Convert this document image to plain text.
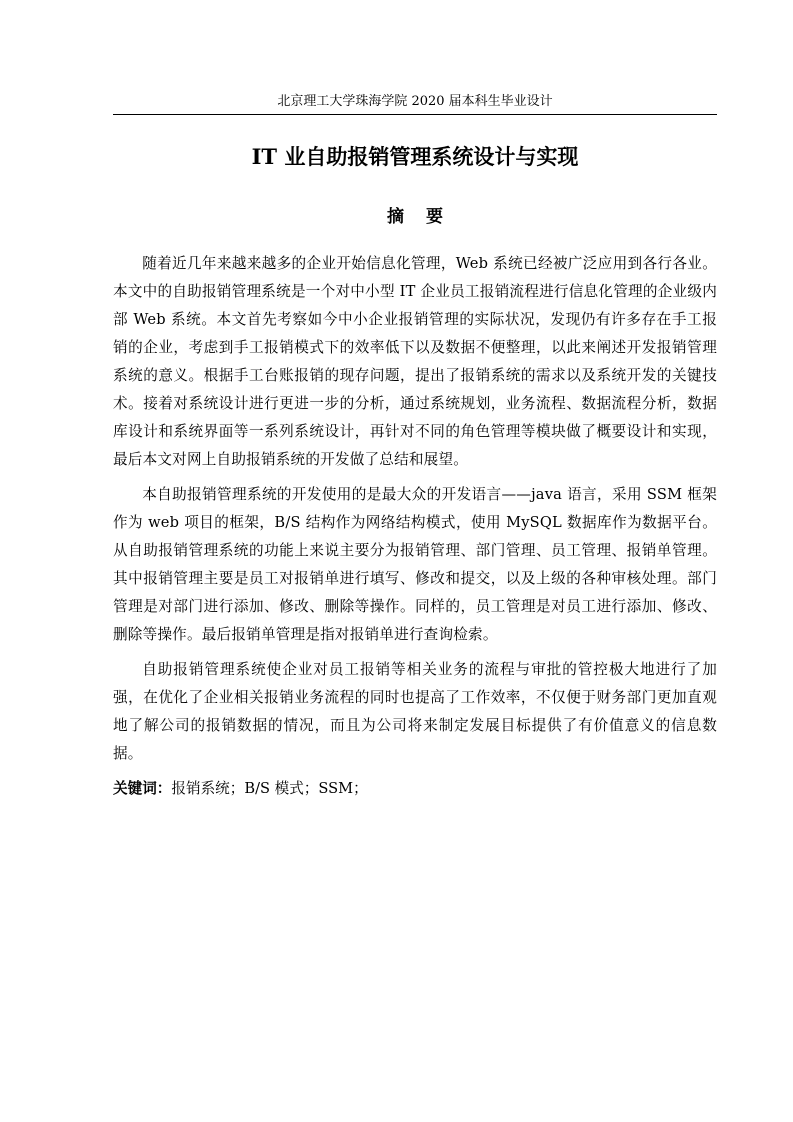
北京理工大学珠海学院 2020 届本科生毕业设计
IT 业自助报销管理系统设计与实现
摘要

随着近几年来越来越多的企业开始信息化管理，Web 系统已经被广泛应用到各行各业。本文中的自助报销管理系统是一个对中小型 IT 企业员工报销流程进行信息化管理的企业级内部 Web 系统。本文首先考察如今中小企业报销管理的实际状况，发现仍有许多存在手工报销的企业，考虑到手工报销模式下的效率低下以及数据不便整理，以此来阐述开发报销管理系统的意义。根据手工台账报销的现存问题，提出了报销系统的需求以及系统开发的关键技术。接着对系统设计进行更进一步的分析，通过系统规划，业务流程、数据流程分析，数据库设计和系统界面等一系列系统设计，再针对不同的角色管理等模块做了概要设计和实现，最后本文对网上自助报销系统的开发做了总结和展望。

本自助报销管理系统的开发使用的是最大众的开发语言——java 语言，采用 SSM 框架作为 web 项目的框架，B/S 结构作为网络结构模式，使用 MySQL 数据库作为数据平台。从自助报销管理系统的功能上来说主要分为报销管理、部门管理、员工管理、报销单管理。其中报销管理主要是员工对报销单进行填写、修改和提交，以及上级的各种审核处理。部门管理是对部门进行添加、修改、删除等操作。同样的，员工管理是对员工进行添加、修改、删除等操作。最后报销单管理是指对报销单进行查询检索。

自助报销管理系统使企业对员工报销等相关业务的流程与审批的管控极大地进行了加强，在优化了企业相关报销业务流程的同时也提高了工作效率，不仅便于财务部门更加直观地了解公司的报销数据的情况，而且为公司将来制定发展目标提供了有价值意义的信息数据。

关键词：报销系统；B/S 模式；SSM；
